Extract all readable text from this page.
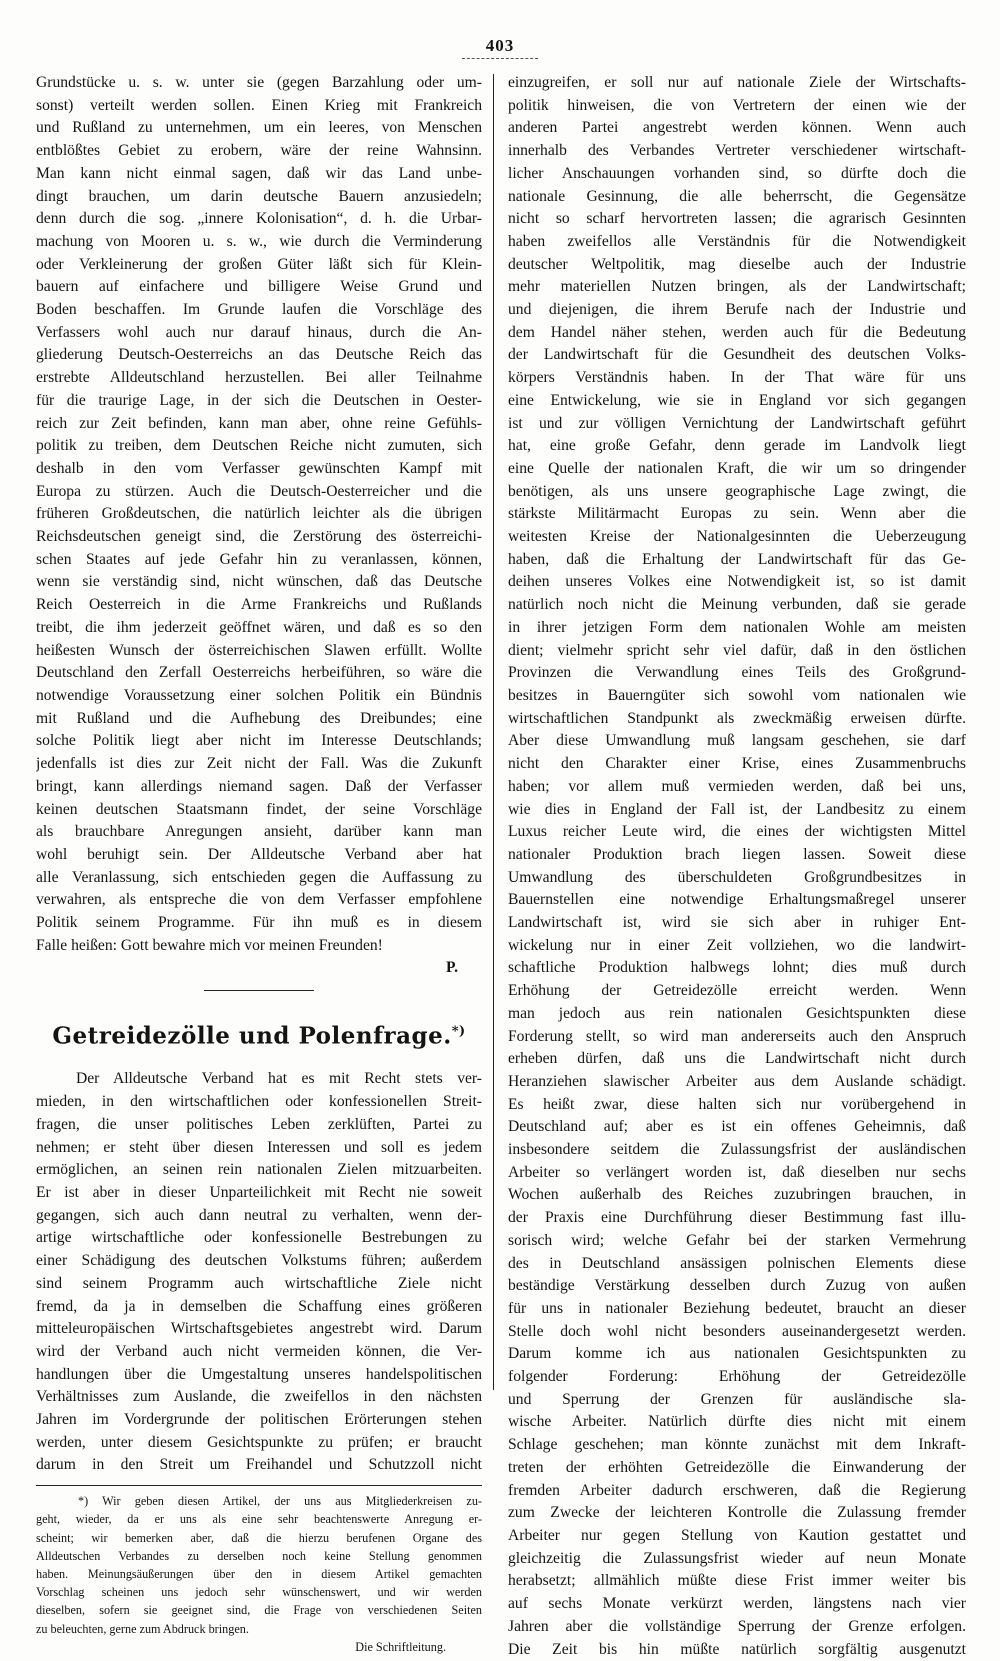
403
Grundstücke u. s. w. unter sie (gegen Barzahlung oder um-
sonst) verteilt werden sollen. Einen Krieg mit Frankreich
und Rußland zu unternehmen, um ein leeres, von Menschen
entblößtes Gebiet zu erobern, wäre der reine Wahnsinn.
Man kann nicht einmal sagen, daß wir das Land unbe-
dingt brauchen, um darin deutsche Bauern anzusiedeln;
denn durch die sog. „innere Kolonisation“, d. h. die Urbar-
machung von Mooren u. s. w., wie durch die Verminderung
oder Verkleinerung der großen Güter läßt sich für Klein-
bauern auf einfachere und billigere Weise Grund und
Boden beschaffen. Im Grunde laufen die Vorschläge des
Verfassers wohl auch nur darauf hinaus, durch die An-
gliederung Deutsch-Oesterreichs an das Deutsche Reich das
erstrebte Alldeutschland herzustellen. Bei aller Teilnahme
für die traurige Lage, in der sich die Deutschen in Oester-
reich zur Zeit befinden, kann man aber, ohne reine Gefühls-
politik zu treiben, dem Deutschen Reiche nicht zumuten, sich
deshalb in den vom Verfasser gewünschten Kampf mit
Europa zu stürzen. Auch die Deutsch-Oesterreicher und die
früheren Großdeutschen, die natürlich leichter als die übrigen
Reichsdeutschen geneigt sind, die Zerstörung des österreichi-
schen Staates auf jede Gefahr hin zu veranlassen, können,
wenn sie verständig sind, nicht wünschen, daß das Deutsche
Reich Oesterreich in die Arme Frankreichs und Rußlands
treibt, die ihm jederzeit geöffnet wären, und daß es so den
heißesten Wunsch der österreichischen Slawen erfüllt. Wollte
Deutschland den Zerfall Oesterreichs herbeiführen, so wäre die
notwendige Voraussetzung einer solchen Politik ein Bündnis
mit Rußland und die Aufhebung des Dreibundes; eine
solche Politik liegt aber nicht im Interesse Deutschlands;
jedenfalls ist dies zur Zeit nicht der Fall. Was die Zukunft
bringt, kann allerdings niemand sagen. Daß der Verfasser
keinen deutschen Staatsmann findet, der seine Vorschläge
als brauchbare Anregungen ansieht, darüber kann man
wohl beruhigt sein. Der Alldeutsche Verband aber hat
alle Veranlassung, sich entschieden gegen die Auffassung zu
verwahren, als entspreche die von dem Verfasser empfohlene
Politik seinem Programme. Für ihn muß es in diesem
Falle heißen: Gott bewahre mich vor meinen Freunden!
P.
Getreidezölle und Polenfrage.*)
Der Alldeutsche Verband hat es mit Recht stets ver-
mieden, in den wirtschaftlichen oder konfessionellen Streit-
fragen, die unser politisches Leben zerklüften, Partei zu
nehmen; er steht über diesen Interessen und soll es jedem
ermöglichen, an seinen rein nationalen Zielen mitzuarbeiten.
Er ist aber in dieser Unparteilichkeit mit Recht nie soweit
gegangen, sich auch dann neutral zu verhalten, wenn der-
artige wirtschaftliche oder konfessionelle Bestrebungen zu
einer Schädigung des deutschen Volkstums führen; außerdem
sind seinem Programm auch wirtschaftliche Ziele nicht
fremd, da ja in demselben die Schaffung eines größeren
mitteleuropäischen Wirtschaftsgebietes angestrebt wird. Darum
wird der Verband auch nicht vermeiden können, die Ver-
handlungen über die Umgestaltung unseres handelspolitischen
Verhältnisses zum Auslande, die zweifellos in den nächsten
Jahren im Vordergrunde der politischen Erörterungen stehen
werden, unter diesem Gesichtspunkte zu prüfen; er braucht
darum in den Streit um Freihandel und Schutzzoll nicht
*) Wir geben diesen Artikel, der uns aus Mitgliederkreisen zu-
geht, wieder, da er uns als eine sehr beachtenswerte Anregung er-
scheint; wir bemerken aber, daß die hierzu berufenen Organe des
Alldeutschen Verbandes zu derselben noch keine Stellung genommen
haben. Meinungsäußerungen über den in diesem Artikel gemachten
Vorschlag scheinen uns jedoch sehr wünschenswert, und wir werden
dieselben, sofern sie geeignet sind, die Frage von verschiedenen Seiten
zu beleuchten, gerne zum Abdruck bringen.
Die Schriftleitung.
einzugreifen, er soll nur auf nationale Ziele der Wirtschafts-
politik hinweisen, die von Vertretern der einen wie der
anderen Partei angestrebt werden können. Wenn auch
innerhalb des Verbandes Vertreter verschiedener wirtschaft-
licher Anschauungen vorhanden sind, so dürfte doch die
nationale Gesinnung, die alle beherrscht, die Gegensätze
nicht so scharf hervortreten lassen; die agrarisch Gesinnten
haben zweifellos alle Verständnis für die Notwendigkeit
deutscher Weltpolitik, mag dieselbe auch der Industrie
mehr materiellen Nutzen bringen, als der Landwirtschaft;
und diejenigen, die ihrem Berufe nach der Industrie und
dem Handel näher stehen, werden auch für die Bedeutung
der Landwirtschaft für die Gesundheit des deutschen Volks-
körpers Verständnis haben. In der That wäre für uns
eine Entwickelung, wie sie in England vor sich gegangen
ist und zur völligen Vernichtung der Landwirtschaft geführt
hat, eine große Gefahr, denn gerade im Landvolk liegt
eine Quelle der nationalen Kraft, die wir um so dringender
benötigen, als uns unsere geographische Lage zwingt, die
stärkste Militärmacht Europas zu sein. Wenn aber die
weitesten Kreise der Nationalgesinnten die Ueberzeugung
haben, daß die Erhaltung der Landwirtschaft für das Ge-
deihen unseres Volkes eine Notwendigkeit ist, so ist damit
natürlich noch nicht die Meinung verbunden, daß sie gerade
in ihrer jetzigen Form dem nationalen Wohle am meisten
dient; vielmehr spricht sehr viel dafür, daß in den östlichen
Provinzen die Verwandlung eines Teils des Großgrund-
besitzes in Bauerngüter sich sowohl vom nationalen wie
wirtschaftlichen Standpunkt als zweckmäßig erweisen dürfte.
Aber diese Umwandlung muß langsam geschehen, sie darf
nicht den Charakter einer Krise, eines Zusammenbruchs
haben; vor allem muß vermieden werden, daß bei uns,
wie dies in England der Fall ist, der Landbesitz zu einem
Luxus reicher Leute wird, die eines der wichtigsten Mittel
nationaler Produktion brach liegen lassen. Soweit diese
Umwandlung des überschuldeten Großgrundbesitzes in
Bauernstellen eine notwendige Erhaltungsmaßregel unserer
Landwirtschaft ist, wird sie sich aber in ruhiger Ent-
wickelung nur in einer Zeit vollziehen, wo die landwirt-
schaftliche Produktion halbwegs lohnt; dies muß durch
Erhöhung der Getreidezölle erreicht werden. Wenn
man jedoch aus rein nationalen Gesichtspunkten diese
Forderung stellt, so wird man andererseits auch den Anspruch
erheben dürfen, daß uns die Landwirtschaft nicht durch
Heranziehen slawischer Arbeiter aus dem Auslande schädigt.
Es heißt zwar, diese halten sich nur vorübergehend in
Deutschland auf; aber es ist ein offenes Geheimnis, daß
insbesondere seitdem die Zulassungsfrist der ausländischen
Arbeiter so verlängert worden ist, daß dieselben nur sechs
Wochen außerhalb des Reiches zuzubringen brauchen, in
der Praxis eine Durchführung dieser Bestimmung fast illu-
sorisch wird; welche Gefahr bei der starken Vermehrung
des in Deutschland ansässigen polnischen Elements diese
beständige Verstärkung desselben durch Zuzug von außen
für uns in nationaler Beziehung bedeutet, braucht an dieser
Stelle doch wohl nicht besonders auseinandergesetzt werden.
Darum komme ich aus nationalen Gesichtspunkten zu
folgender Forderung: Erhöhung der Getreidezölle
und Sperrung der Grenzen für ausländische sla-
wische Arbeiter. Natürlich dürfte dies nicht mit einem
Schlage geschehen; man könnte zunächst mit dem Inkraft-
treten der erhöhten Getreidezölle die Einwanderung der
fremden Arbeiter dadurch erschweren, daß die Regierung
zum Zwecke der leichteren Kontrolle die Zulassung fremder
Arbeiter nur gegen Stellung von Kaution gestattet und
gleichzeitig die Zulassungsfrist wieder auf neun Monate
herabsetzt; allmählich müßte diese Frist immer weiter bis
auf sechs Monate verkürzt werden, längstens nach vier
Jahren aber die vollständige Sperrung der Grenze erfolgen.
Die Zeit bis hin müßte natürlich sorgfältig ausgenutzt
